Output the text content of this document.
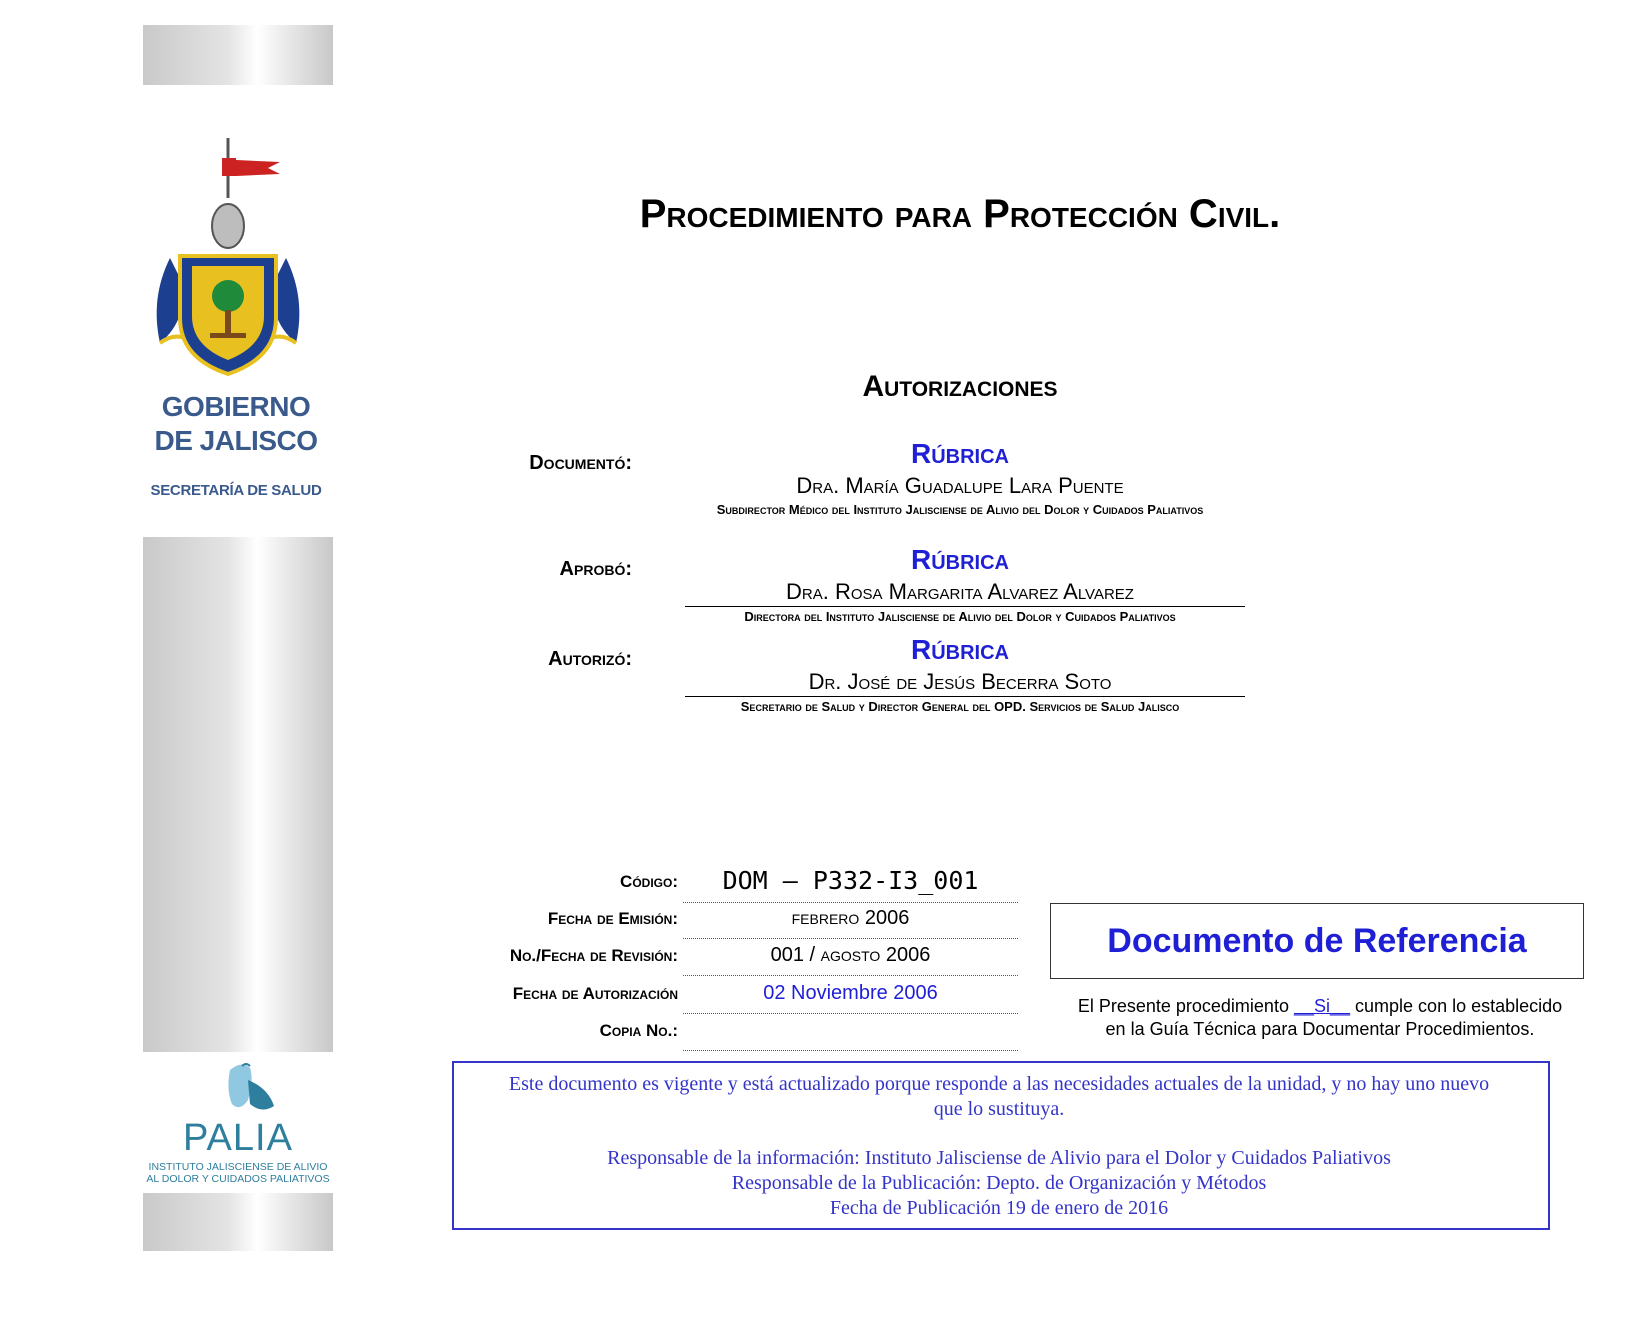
GOBIERNO
DE JALISCO
SECRETARÍA DE SALUD
PALIA
INSTITUTO JALISCIENSE DE ALIVIO
AL DOLOR Y CUIDADOS PALIATIVOS
Procedimiento para Protección Civil.
Autorizaciones
Documentó:	Rúbrica
Dra. María Guadalupe Lara Puente
Subdirector Médico del Instituto Jalisciense de Alivio del Dolor y Cuidados Paliativos
Aprobó:	Rúbrica
Dra. Rosa Margarita Alvarez Alvarez
Directora del Instituto Jalisciense de Alivio del Dolor y Cuidados Paliativos
Autorizó:	Rúbrica
Dr. José de Jesús Becerra Soto
Secretario de Salud y Director General del OPD. Servicios de Salud Jalisco
Código:	DOM – P332-I3_001
Fecha de Emisión:	febrero 2006
No./Fecha de Revisión:	001 / agosto 2006
Fecha de Autorización	02 Noviembre 2006
Copia No.:
Documento de Referencia
El Presente procedimiento __Si__ cumple con lo establecido
en la Guía Técnica para Documentar Procedimientos.
Este documento es vigente y está actualizado porque responde a las necesidades actuales de la unidad, y no hay uno nuevo
que lo sustituya.
Responsable de la información: Instituto Jalisciense de Alivio para el Dolor y Cuidados Paliativos
Responsable de la Publicación: Depto. de Organización y Métodos
Fecha de Publicación 19 de enero de 2016
